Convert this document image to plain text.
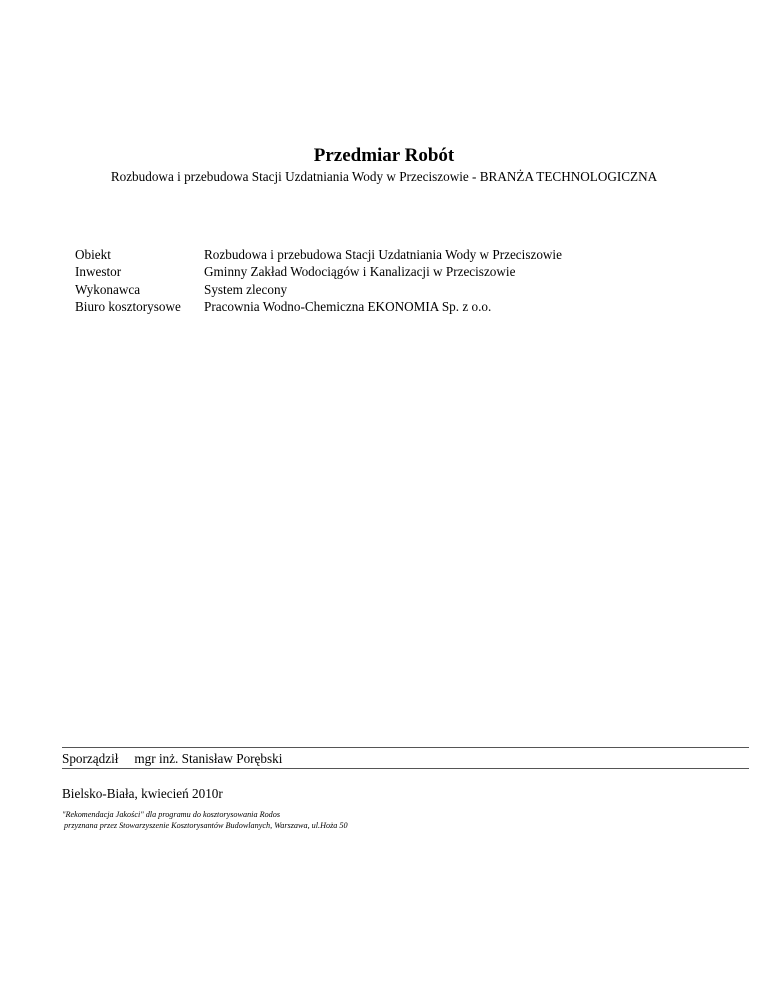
Przedmiar Robót
Rozbudowa i przebudowa Stacji Uzdatniania Wody w Przeciszowie - BRANŻA TECHNOLOGICZNA
Obiekt	Rozbudowa i przebudowa Stacji Uzdatniania Wody w Przeciszowie
Inwestor	Gminny Zakład Wodociągów i Kanalizacji w Przeciszowie
Wykonawca	System zlecony
Biuro kosztorysowe	Pracownia Wodno-Chemiczna EKONOMIA Sp. z o.o.
Sporządził mgr inż. Stanisław Porębski
Bielsko-Biała, kwiecień 2010r
"Rekomendacja Jakości" dla programu do kosztorysowania Rodos
przyznana przez Stowarzyszenie Kosztorysantów Budowlanych, Warszawa, ul.Hoża 50
